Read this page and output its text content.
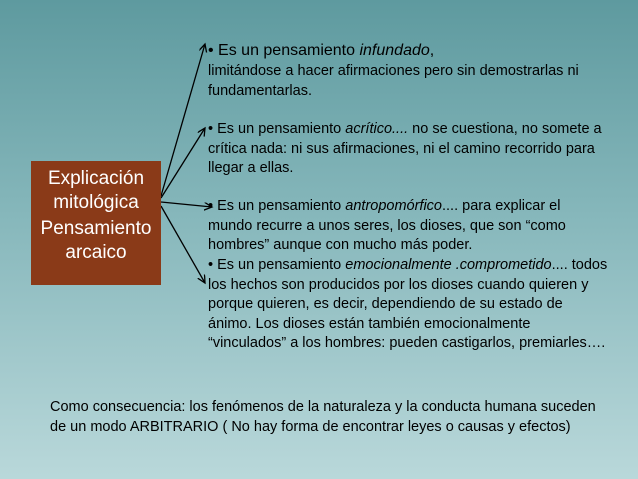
Explicación
mitológica
Pensamiento
arcaico
• Es un pensamiento infundado,
limitándose a hacer afirmaciones pero sin demostrarlas ni fundamentarlas.
• Es un pensamiento acrítico.... no se cuestiona, no somete a crítica nada: ni sus afirmaciones, ni el camino recorrido para llegar a ellas.
• Es un pensamiento antropomórfico.... para explicar el mundo recurre a unos seres, los dioses, que son “como hombres” aunque con mucho más poder.
• Es un pensamiento emocionalmente .comprometido.... todos los hechos son producidos por los dioses cuando quieren y porque quieren, es decir, dependiendo de su estado de ánimo. Los dioses están también emocionalmente “vinculados” a los hombres: pueden castigarlos, premiarles….
Como consecuencia: los fenómenos de la naturaleza y la conducta humana suceden de un modo ARBITRARIO ( No hay forma de encontrar leyes o causas y efectos)
